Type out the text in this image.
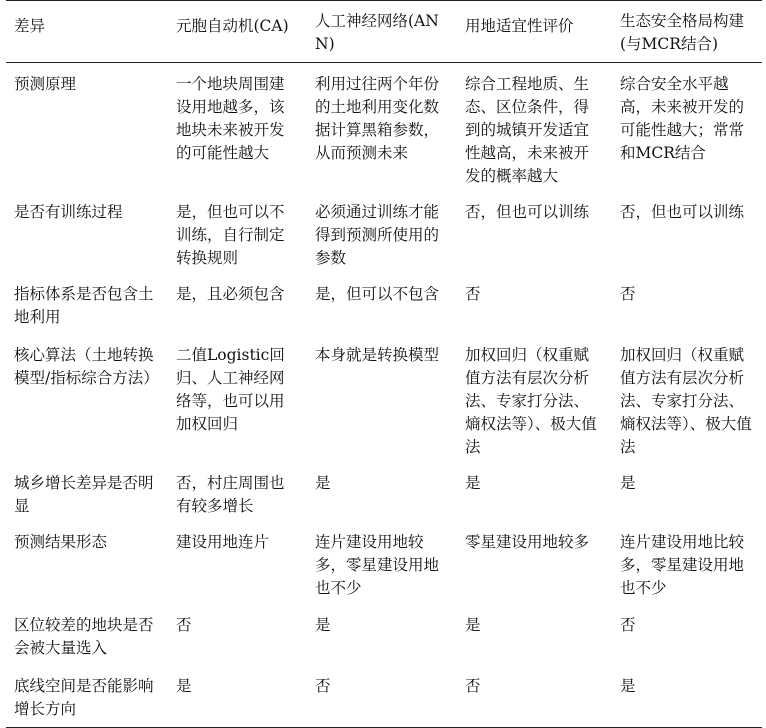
差异	元胞自动机(CA)	人工神经网络(ANN)	用地适宜性评价	生态安全格局构建(与MCR结合)
预测原理	一个地块周围建设用地越多，该地块未来被开发的可能性越大	利用过往两个年份的土地利用变化数据计算黑箱参数，从而预测未来	综合工程地质、生态、区位条件，得到的城镇开发适宜性越高，未来被开发的概率越大	综合安全水平越高，未来被开发的可能性越大；常常和MCR结合
是否有训练过程	是，但也可以不训练，自行制定转换规则	必须通过训练才能得到预测所使用的参数	否，但也可以训练	否，但也可以训练
指标体系是否包含土地利用	是，且必须包含	是，但可以不包含	否	否
核心算法（土地转换模型/指标综合方法）	二值Logistic回归、人工神经网络等，也可以用加权回归	本身就是转换模型	加权回归（权重赋值方法有层次分析法、专家打分法、熵权法等）、极大值法	加权回归（权重赋值方法有层次分析法、专家打分法、熵权法等）、极大值法
城乡增长差异是否明显	否，村庄周围也有较多增长	是	是	是
预测结果形态	建设用地连片	连片建设用地较多，零星建设用地也不少	零星建设用地较多	连片建设用地比较多，零星建设用地也不少
区位较差的地块是否会被大量选入	否	是	是	否
底线空间是否能影响增长方向	是	否	否	是
